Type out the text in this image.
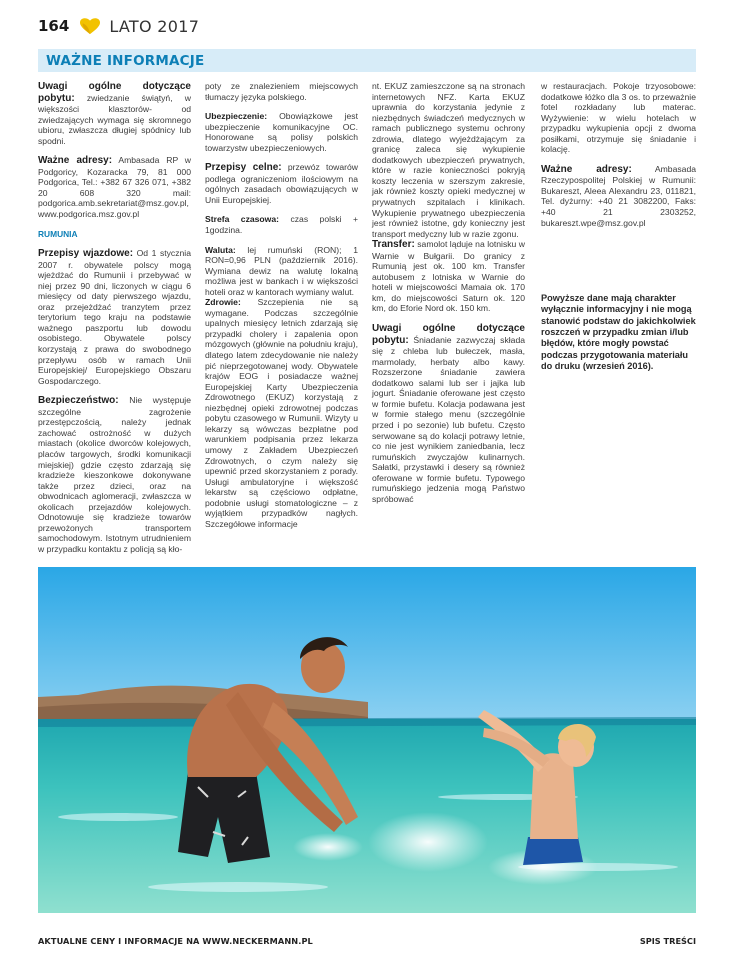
164	LATO 2017
WAŻNE INFORMACJE

Uwagi ogólne dotyczące pobytu: zwiedzanie świątyń, w większości klasztorów- od zwiedzających wymaga się skromnego ubioru, zwłaszcza długiej spódnicy lub spodni.

Ważne adresy: Ambasada RP w Podgoricy, Kozaracka 79, 81 000 Podgorica, Tel.: +382 67 326 071, +382 20 608 320 mail: podgorica.amb.sekretariat@msz.gov.pl, www.podgorica.msz.gov.pl

RUMUNIA

Przepisy wjazdowe: Od 1 stycznia 2007 r. obywatele polscy mogą wjeżdżać do Rumunii i przebywać w niej przez 90 dni, liczonych w ciągu 6 miesięcy od daty pierwszego wjazdu, oraz przejeżdżać tranzytem przez terytorium tego kraju na podstawie ważnego paszportu lub dowodu osobistego. Obywatele polscy korzystają z prawa do swobodnego przepływu osób w ramach Unii Europejskiej/ Europejskiego Obszaru Gospodarczego.

Bezpieczeństwo: Nie występuje szczególne zagrożenie przestępczością, należy jednak zachować ostrożność w dużych miastach (okolice dworców kolejowych, placów targowych, środki komunikacji miejskiej) gdzie często zdarzają się kradzieże kieszonkowe dokonywane także przez dzieci, oraz na obwodnicach aglomeracji, zwłaszcza w okolicach przejazdów kolejowych. Odnotowuje się kradzieże towarów przewożonych transportem samochodowym. Istotnym utrudnieniem w przypadku kontaktu z policją są kło-

poty ze znalezieniem miejscowych tłumaczy języka polskiego.

Ubezpieczenie: Obowiązkowe jest ubezpieczenie komunikacyjne OC. Honorowane są polisy polskich towarzystw ubezpieczeniowych.

Przepisy celne: przewóz towarów podlega ograniczeniom ilościowym na ogólnych zasadach obowiązujących w Unii Europejskiej.

Strefa czasowa: czas polski + 1godzina.

Waluta: lej rumuński (RON); 1 RON=0,96 PLN (październik 2016). Wymiana dewiz na walutę lokalną możliwa jest w bankach i w większości hoteli oraz w kantorach wymiany walut.

Zdrowie: Szczepienia nie są wymagane. Podczas szczególnie upalnych miesięcy letnich zdarzają się przypadki cholery i zapalenia opon mózgowych (głównie na południu kraju), dlatego latem zdecydowanie nie należy pić nieprzegotowanej wody. Obywatele krajów EOG i posiadacze ważnej Europejskiej Karty Ubezpieczenia Zdrowotnego (EKUZ) korzystają z niezbędnej opieki zdrowotnej podczas pobytu czasowego w Rumunii. Wizyty u lekarzy są wówczas bezpłatne pod warunkiem podpisania przez lekarza umowy z Zakładem Ubezpieczeń Zdrowotnych, o czym należy się upewnić przed skorzystaniem z porady. Usługi ambulatoryjne i większość lekarstw są częściowo odpłatne, podobnie usługi stomatologiczne – z wyjątkiem przypadków nagłych. Szczegółowe informacje

nt. EKUZ zamieszczone są na stronach internetowych NFZ. Karta EKUZ uprawnia do korzystania jedynie z niezbędnych świadczeń medycznych w ramach publicznego systemu ochrony zdrowia, dlatego wyjeżdżającym za granicę zaleca się wykupienie dodatkowych ubezpieczeń prywatnych, które w razie konieczności pokryją koszty leczenia w szerszym zakresie, jak również koszty opieki medycznej w prywatnych szpitalach i klinikach. Wykupienie prywatnego ubezpieczenia jest również istotne, gdy konieczny jest transport medyczny lub w razie zgonu.

Transfer: samolot ląduje na lotnisku w Warnie w Bułgarii. Do granicy z Rumunią jest ok. 100 km. Transfer autobusem z lotniska w Warnie do hoteli w miejscowości Mamaia ok. 170 km, do miejscowości Saturn ok. 120 km, do Eforie Nord ok. 150 km.

Uwagi ogólne dotyczące pobytu: Śniadanie zazwyczaj składa się z chleba lub bułeczek, masła, marmolady, herbaty albo kawy. Rozszerzone śniadanie zawiera dodatkowo salami lub ser i jajka lub jogurt. Śniadanie oferowane jest często w formie bufetu. Kolacja podawana jest w formie stałego menu (szczególnie przed i po sezonie) lub bufetu. Często serwowane są do kolacji potrawy letnie, co nie jest wynikiem zaniedbania, lecz rumuńskich zwyczajów kulinarnych. Sałatki, przystawki i desery są również oferowane w formie bufetu. Typowego rumuńskiego jedzenia mogą Państwo spróbować

w restauracjach. Pokoje trzyosobowe: dodatkowe łóżko dla 3 os. to przeważnie fotel rozkładany lub materac. Wyżywienie: w wielu hotelach w przypadku wykupienia opcji z dwoma posiłkami, otrzymuje się śniadanie i kolację.

Ważne adresy: Ambasada Rzeczypospolitej Polskiej w Rumunii: Bukareszt, Aleea Alexandru 23, 011821, Tel. dyżurny: +40 21 3082200, Faks: +40 21 2303252, bukareszt.wpe@msz.gov.pl

Powyższe dane mają charakter wyłącznie informacyjny i nie mogą stanowić podstaw do jakichkolwiek roszczeń w przypadku zmian i/lub błędów, które mogły powstać podczas przygotowania materiału do druku (wrzesień 2016).

AKTUALNE CENY I INFORMACJE NA WWW.NECKERMANN.PL	SPIS TREŚCI
